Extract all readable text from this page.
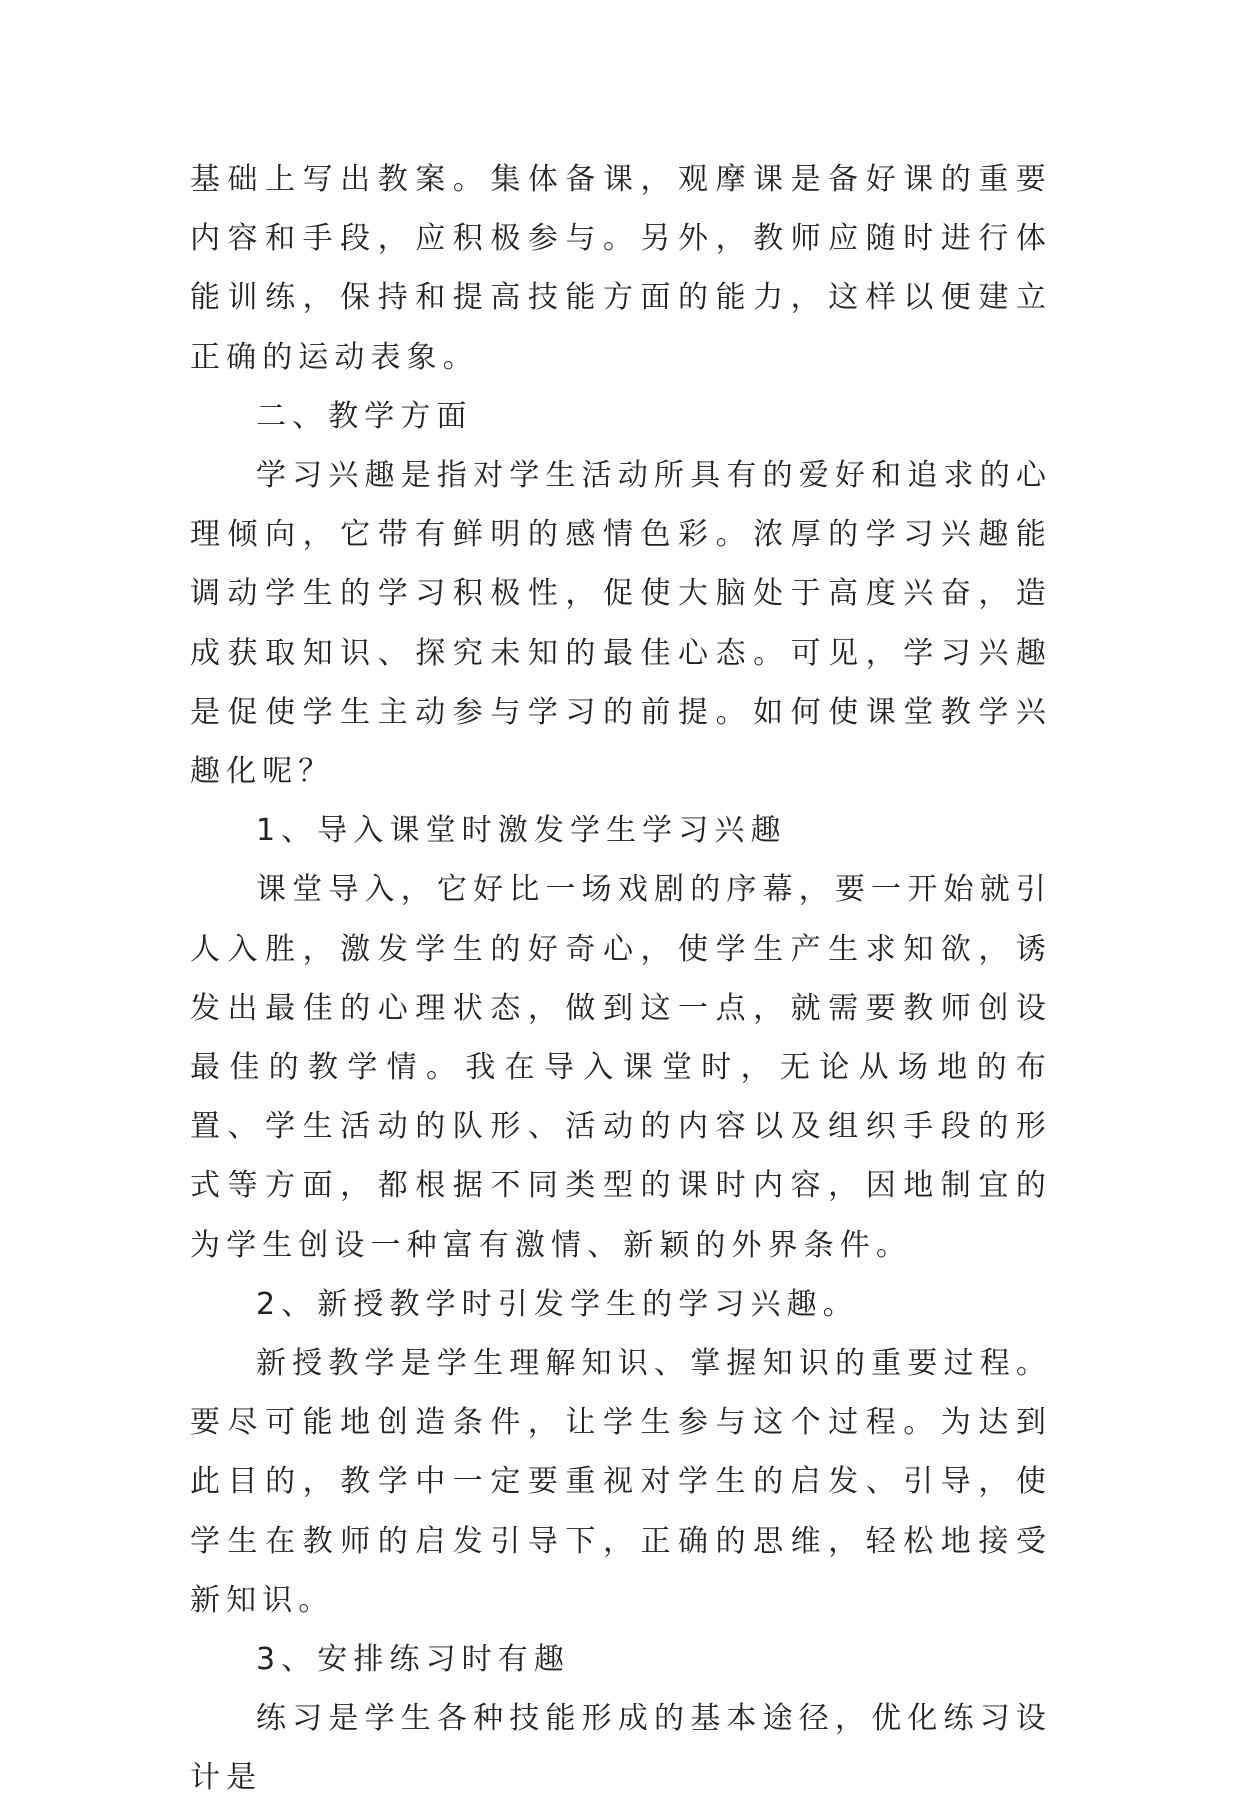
基础上写出教案。集体备课，观摩课是备好课的重要内容和手段，应积极参与。另外，教师应随时进行体能训练，保持和提高技能方面的能力，这样以便建立正确的运动表象。

二、教学方面

学习兴趣是指对学生活动所具有的爱好和追求的心理倾向，它带有鲜明的感情色彩。浓厚的学习兴趣能调动学生的学习积极性，促使大脑处于高度兴奋，造成获取知识、探究未知的最佳心态。可见，学习兴趣是促使学生主动参与学习的前提。如何使课堂教学兴趣化呢？

1、导入课堂时激发学生学习兴趣

课堂导入，它好比一场戏剧的序幕，要一开始就引人入胜，激发学生的好奇心，使学生产生求知欲，诱发出最佳的心理状态，做到这一点，就需要教师创设最佳的教学情。我在导入课堂时，无论从场地的布置、学生活动的队形、活动的内容以及组织手段的形式等方面，都根据不同类型的课时内容，因地制宜的为学生创设一种富有激情、新颖的外界条件。

2、新授教学时引发学生的学习兴趣。

新授教学是学生理解知识、掌握知识的重要过程。要尽可能地创造条件，让学生参与这个过程。为达到此目的，教学中一定要重视对学生的启发、引导，使学生在教师的启发引导下，正确的思维，轻松地接受新知识。

3、安排练习时有趣

练习是学生各种技能形成的基本途径，优化练习设计是
